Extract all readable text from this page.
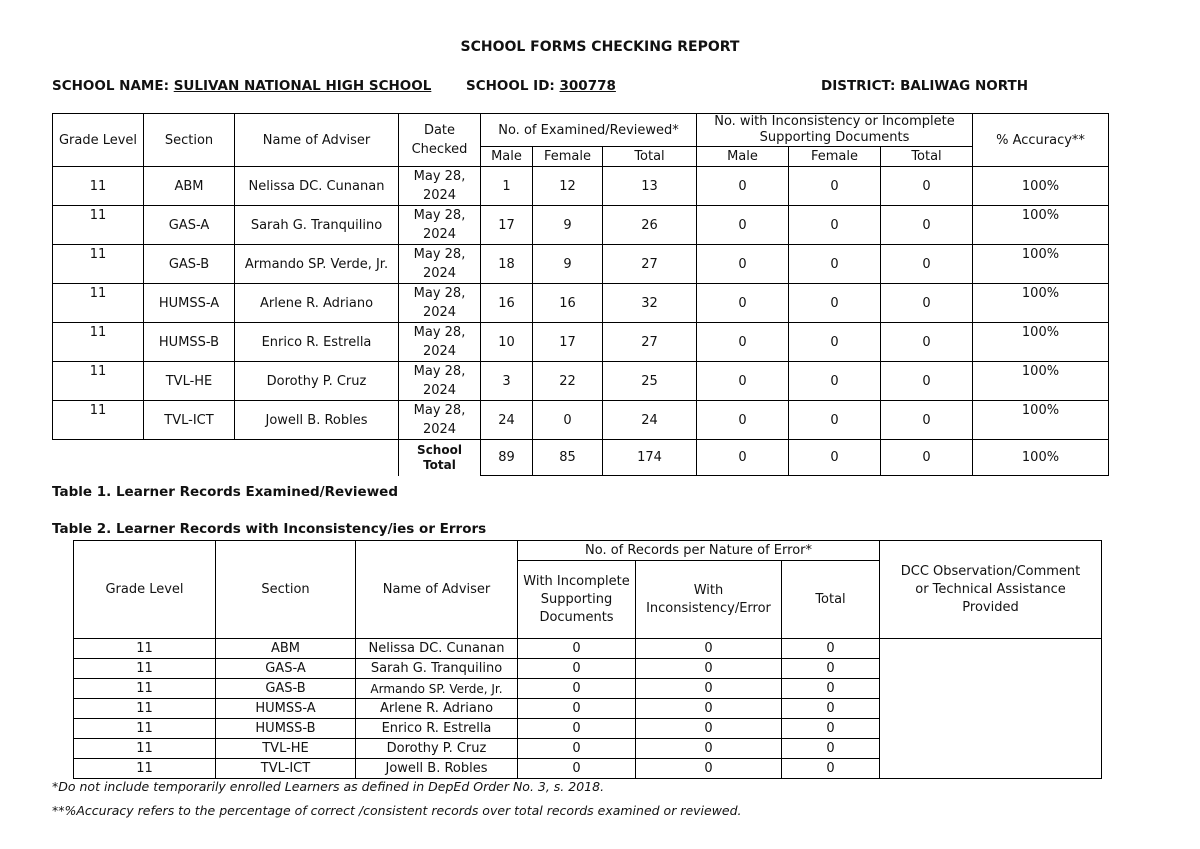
SCHOOL FORMS CHECKING REPORT
SCHOOL NAME: SULIVAN NATIONAL HIGH SCHOOL	SCHOOL ID: 300778	DISTRICT: BALIWAG NORTH
Grade Level	Section	Name of Adviser	Date Checked	No. of Examined/Reviewed*			No. with Inconsistency or Incomplete Supporting Documents			% Accuracy**
				Male	Female	Total	Male	Female	Total	
11	ABM	Nelissa DC. Cunanan	May 28, 2024	1	12	13	0	0	0	100%
11	GAS-A	Sarah G. Tranquilino	May 28, 2024	17	9	26	0	0	0	100%
11	GAS-B	Armando SP. Verde, Jr.	May 28, 2024	18	9	27	0	0	0	100%
11	HUMSS-A	Arlene R. Adriano	May 28, 2024	16	16	32	0	0	0	100%
11	HUMSS-B	Enrico R. Estrella	May 28, 2024	10	17	27	0	0	0	100%
11	TVL-HE	Dorothy P. Cruz	May 28, 2024	3	22	25	0	0	0	100%
11	TVL-ICT	Jowell B. Robles	May 28, 2024	24	0	24	0	0	0	100%
			School Total	89	85	174	0	0	0	100%
Table 1. Learner Records Examined/Reviewed
Table 2. Learner Records with Inconsistency/ies or Errors
Grade Level	Section	Name of Adviser	No. of Records per Nature of Error*			DCC Observation/Comment or Technical Assistance Provided
			With Incomplete Supporting Documents	With Inconsistency/Error	Total	
11	ABM	Nelissa DC. Cunanan	0	0	0	
11	GAS-A	Sarah G. Tranquilino	0	0	0	
11	GAS-B	Armando SP. Verde, Jr.	0	0	0	
11	HUMSS-A	Arlene R. Adriano	0	0	0	
11	HUMSS-B	Enrico R. Estrella	0	0	0	
11	TVL-HE	Dorothy P. Cruz	0	0	0	
11	TVL-ICT	Jowell B. Robles	0	0	0	
*Do not include temporarily enrolled Learners as defined in DepEd Order No. 3, s. 2018.
**%Accuracy refers to the percentage of correct /consistent records over total records examined or reviewed.
